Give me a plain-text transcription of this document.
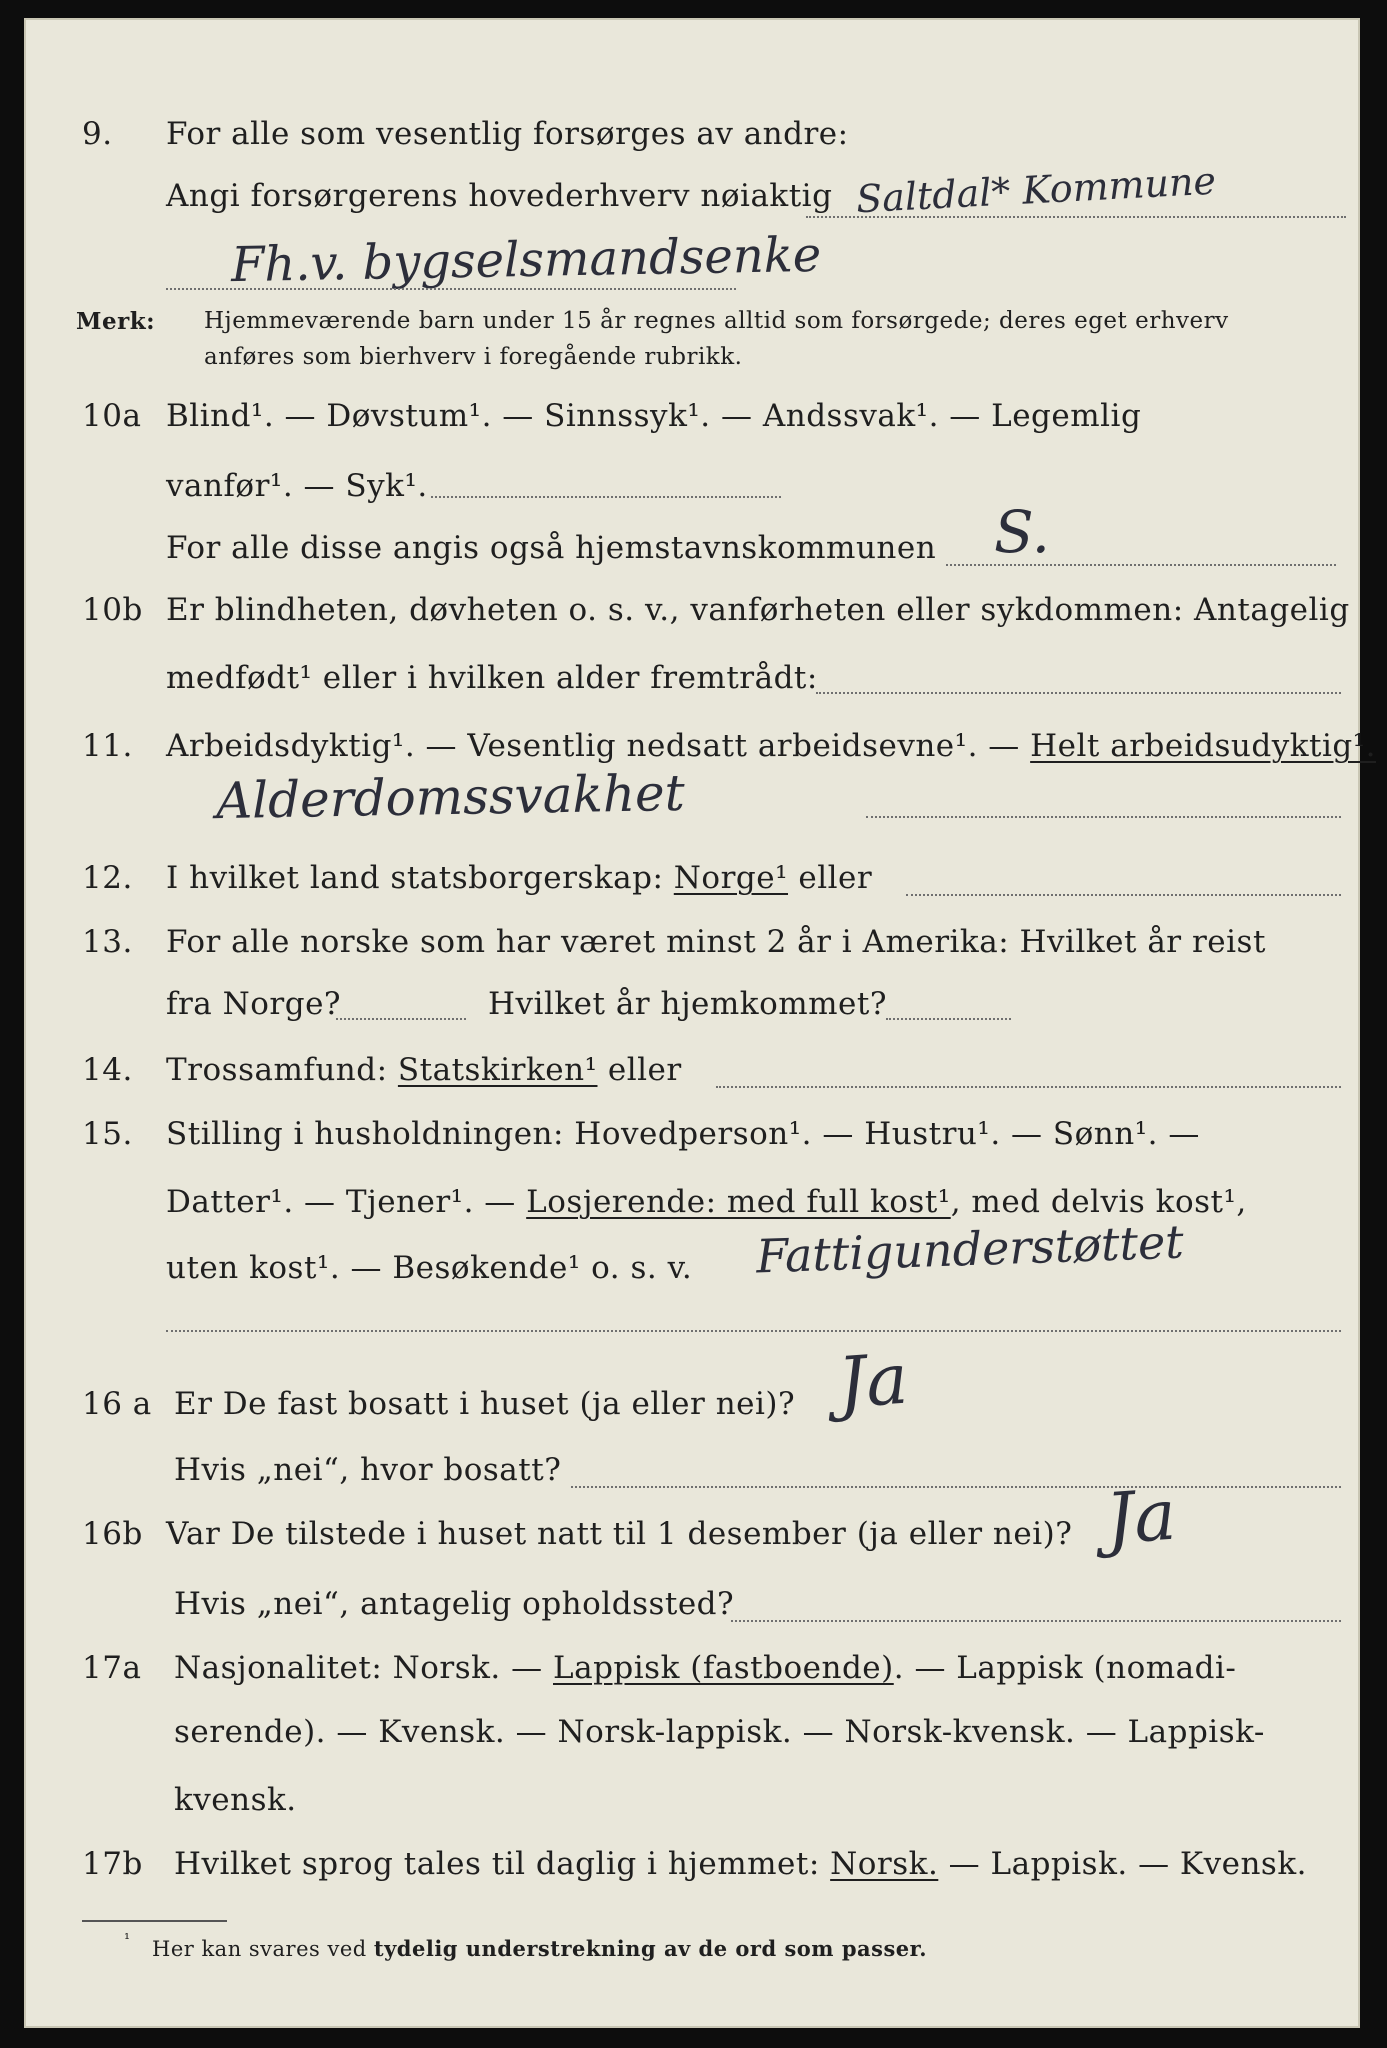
9. For alle som vesentlig forsørges av andre:
Angi forsørgerens hovederhverv nøiaktig Saltdal* Kommune
Fh.v. bygselsmandsenke
Merk: Hjemmeværende barn under 15 år regnes alltid som forsørgede; deres eget erhverv
anføres som bierhverv i foregående rubrikk.
10a Blind¹. — Døvstum¹. — Sinnssyk¹. — Andssvak¹. — Legemlig
vanfør¹. — Syk¹.
For alle disse angis også hjemstavnskommunen S.
10b Er blindheten, døvheten o. s. v., vanførheten eller sykdommen: Antagelig
medfødt¹ eller i hvilken alder fremtrådt:
11. Arbeidsdyktig¹. — Vesentlig nedsatt arbeidsevne¹. — Helt arbeidsudyktig¹.
Alderdomssvakhet
12. I hvilket land statsborgerskap: Norge¹ eller
13. For alle norske som har været minst 2 år i Amerika: Hvilket år reist
fra Norge?	Hvilket år hjemkommet?
14. Trossamfund: Statskirken¹ eller
15. Stilling i husholdningen: Hovedperson¹. — Hustru¹. — Sønn¹. —
Datter¹. — Tjener¹. — Losjerende: med full kost¹, med delvis kost¹,
uten kost¹. — Besøkende¹ o. s. v. Fattigunderstøttet
16 a Er De fast bosatt i huset (ja eller nei)? Ja
Hvis „nei“, hvor bosatt?
16b Var De tilstede i huset natt til 1 desember (ja eller nei)? Ja
Hvis „nei“, antagelig opholdssted?
17a Nasjonalitet: Norsk. — Lappisk (fastboende). — Lappisk (nomadi-
serende). — Kvensk. — Norsk-lappisk. — Norsk-kvensk. — Lappisk-
kvensk.
17b Hvilket sprog tales til daglig i hjemmet: Norsk. — Lappisk. — Kvensk.
¹ Her kan svares ved tydelig understrekning av de ord som passer.
